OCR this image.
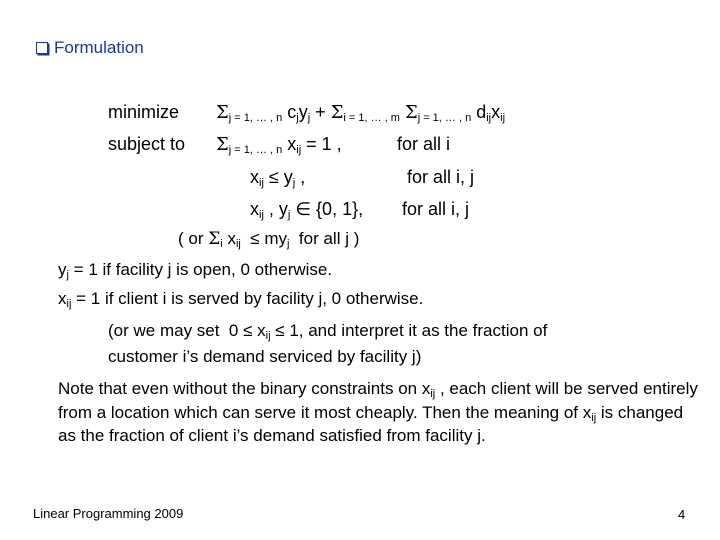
Formulation
minimize $\Sigma_{j = 1, \dots , n}$ $c_jy_j + \Sigma_{i = 1, \dots , m}$ $\Sigma_{j = 1, \dots , n}$ $d_{ij}x_{ij}$
subject to $\Sigma_{j = 1, \dots , n}$ $x_{ij} = 1$ ,	for all i
$x_{ij} \le y_j$ ,	for all i, j
$x_{ij}$ , $y_j$ ∈ {0, 1}, for all i, j
( or $\Sigma_i$ $x_{ij} \le my_j$  for all j )
$y_j = 1$ if facility j is open, 0 otherwise.
$x_{ij} = 1$ if client i is served by facility j, 0 otherwise.
(or we may set  $0 \le x_{ij} \le 1$, and interpret it as the fraction of
customer i’s demand serviced by facility j)
Note that even without the binary constraints on $x_{ij}$ , each client will be served entirely from a location which can serve it most cheaply. Then the meaning of $x_{ij}$ is changed as the fraction of client i’s demand satisfied from facility j.
Linear Programming 2009	4
